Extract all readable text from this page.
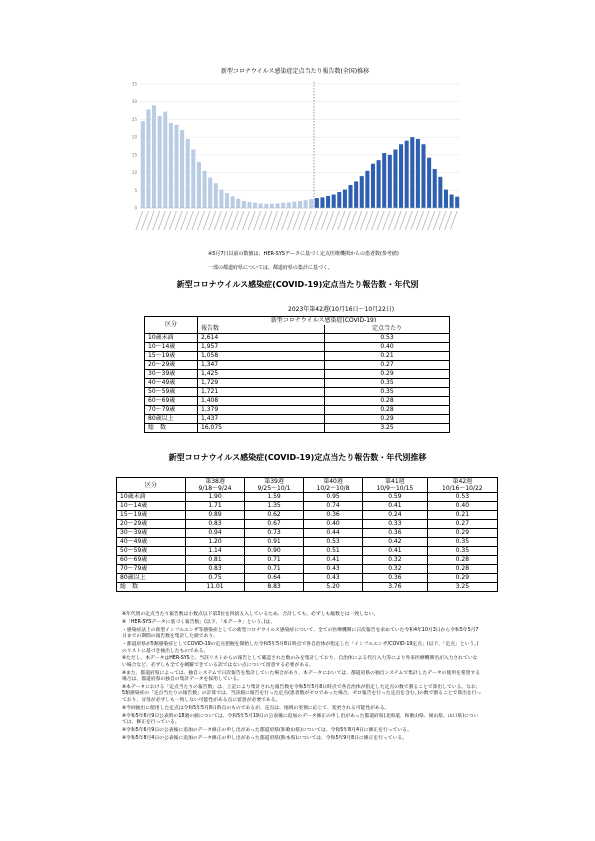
0
5
10
15
20
25
30
35
新型コロナウイルス感染症定点当たり報告数(全国)推移
※5月7日以前の数値は、HER-SYSデータに基づく定点医療機関からの患者数(参考値)
一部の都道府県については、都道府県の集計に基づく。
新型コロナウイルス感染症(COVID-19)定点当たり報告数・年代別
2023年第42週(10月16日～10月22日)
区分	新型コロナウイルス感染症(COVID-19)	
	報告数	定点当たり
10歳未満	2,614	0.53
10～14歳	1,957	0.40
15～19歳	1,058	0.21
20～29歳	1,347	0.27
30～39歳	1,425	0.29
40～49歳	1,729	0.35
50～59歳	1,721	0.35
60～69歳	1,408	0.28
70～79歳	1,379	0.28
80歳以上	1,437	0.29
総　数	16,075	3.25
新型コロナウイルス感染症(COVID-19)定点当たり報告数・年代別推移
区分	第38週	第39週	第40週	第41週	第42週
	9/18～9/24	9/25～10/1	10/2～10/8	10/9～10/15	10/16～10/22
10歳未満	1.90	1.59	0.95	0.59	0.53
10～14歳	1.71	1.35	0.74	0.41	0.40
15～19歳	0.89	0.62	0.36	0.24	0.21
20～29歳	0.83	0.67	0.40	0.33	0.27
30～39歳	0.94	0.73	0.44	0.36	0.29
40～49歳	1.20	0.91	0.53	0.42	0.35
50～59歳	1.14	0.90	0.51	0.41	0.35
60～69歳	0.81	0.71	0.41	0.32	0.28
70～79歳	0.83	0.71	0.43	0.32	0.28
80歳以上	0.75	0.64	0.43	0.36	0.29
総　数	11.01	8.83	5.20	3.76	3.25

※年代別の定点当たり報告数は小数点以下第3位を四捨五入しているため、合計しても、必ずしも総数とは一致しない。

※「HER-SYSデータに基づく報告数」(以下、「本データ」という。)は、

・感染症法上の新型インフルエンザ等感染症としての新型コロナウイルス感染症について、全ての医療機関に日次報告を求めていた令和4年10月3日から令和5年5月7日までの期間の報告数を集計した値であり、

・都道府県が5類感染症としてCOVID-19の定点把握を開始した令和5年5月8日時点で各自治体が指定した「インフルエンザ/COVID-19定点」(以下、「定点」という。)のリストに基づき抽出したものである。

※ただし、本データはHER-SYS上、当該リストからの報告として確認された数のみを集計しており、自治体による代行入力等により外来医療機関名が入力されていない場合など、必ずしも全てを網羅できている訳ではない点について留意する必要がある。

※また、都道府県によっては、独自システムで日次報告を集計していた場合があり、本データにおいては、都道府県の独自システムで集計したデータの使用を希望する場合は、都道府県の独自の集計データを採用している。

※本データにおける「定点当たりの報告数」は、上記により集計された報告数を令和5年5月8日時点で各自治体が指定した定点の数で割ることで算出している。なお、5類感染症の「定点当たりの報告数」の計算では、当該週に報告を行った定点(患者数がゼロであった場合、ゼロ報告を行った定点を含む。)の数で割ることで算出を行っており、分母が必ずしも一致しない可能性がある点に留意が必要である。

※今回抽出に使用した定点は令和5年5月8日時点のものであるが、定点は、地域の実情に応じて、変更される可能性がある。

※令和5年6月9日公表時の18週の値については、令和5年5月19日の公表後に追加のデータ修正の申し出があった都道府県(北海道、和歌山県、岡山県、山口県)については、修正を行っている。

※令和5年6月9日の公表後に追加のデータ修正の申し出があった都道府県(和歌山県)については、令和5年8月4日に修正を行っている。

※令和5年8月4日の公表後に追加のデータ修正の申し出があった都道府県(熊本県)については、令和5年9月8日に修正を行っている。
